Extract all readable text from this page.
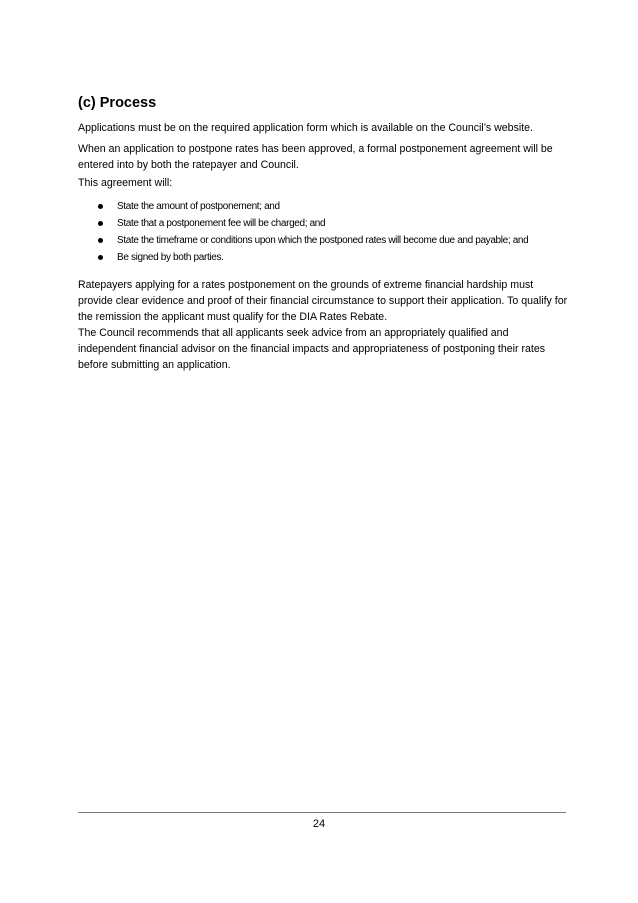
(c) Process

Applications must be on the required application form which is available on the Council’s website.

When an application to postpone rates has been approved, a formal postponement agreement will be entered into by both the ratepayer and Council.

This agreement will:

State the amount of postponement; and
State that a postponement fee will be charged; and
State the timeframe or conditions upon which the postponed rates will become due and payable; and
Be signed by both parties.

Ratepayers applying for a rates postponement on the grounds of extreme financial hardship must provide clear evidence and proof of their financial circumstance to support their application. To qualify for the remission the applicant must qualify for the DIA Rates Rebate.

The Council recommends that all applicants seek advice from an appropriately qualified and independent financial advisor on the financial impacts and appropriateness of postponing their rates before submitting an application.

24
